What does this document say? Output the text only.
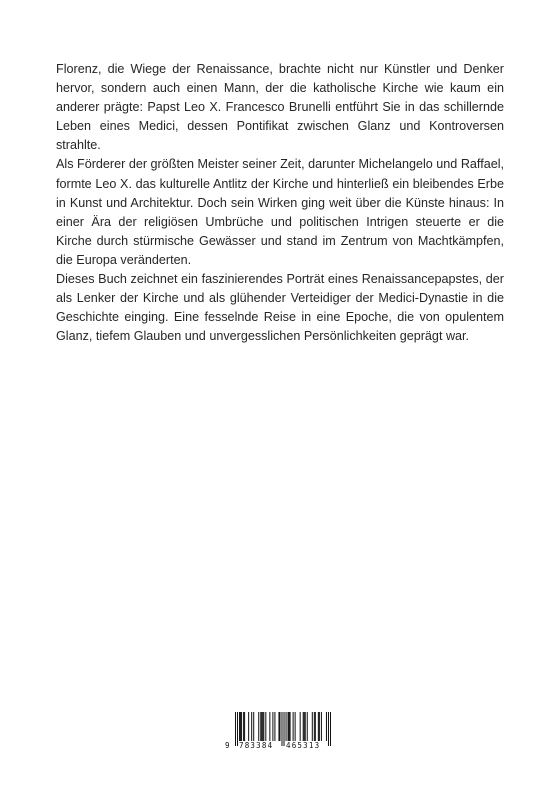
Florenz, die Wiege der Renaissance, brachte nicht nur Künstler und Denker hervor, sondern auch einen Mann, der die katholische Kirche wie kaum ein anderer prägte: Papst Leo X. Francesco Brunelli entführt Sie in das schillernde Leben eines Medici, dessen Pontifikat zwischen Glanz und Kontroversen strahlte.

Als Förderer der größten Meister seiner Zeit, darunter Michelangelo und Raffael, formte Leo X. das kulturelle Antlitz der Kirche und hinterließ ein bleibendes Erbe in Kunst und Architektur. Doch sein Wirken ging weit über die Künste hinaus: In einer Ära der religiösen Umbrüche und politischen Intrigen steuerte er die Kirche durch stürmische Gewässer und stand im Zentrum von Machtkämpfen, die Europa veränderten.

Dieses Buch zeichnet ein faszinierendes Porträt eines Renaissancepapstes, der als Lenker der Kirche und als glühender Verteidiger der Medici-Dynastie in die Geschichte einging. Eine fesselnde Reise in eine Epoche, die von opulentem Glanz, tiefem Glauben und unvergesslichen Persönlichkeiten geprägt war.

9 783384 465313
